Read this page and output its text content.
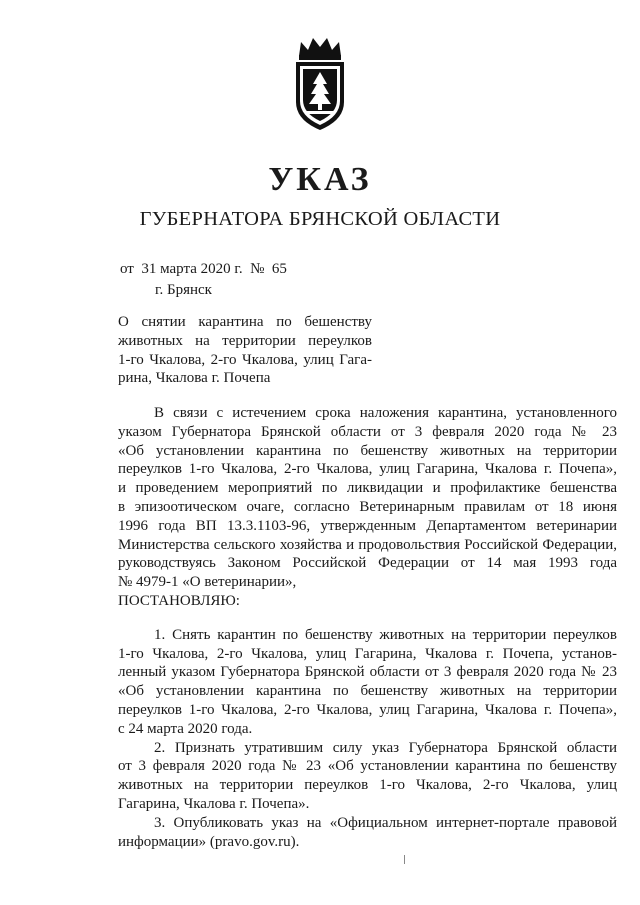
УКАЗ
ГУБЕРНАТОРА БРЯНСКОЙ ОБЛАСТИ
от 31 марта 2020 г. № 65
г. Брянск
О снятии карантина по бешенству
животных на территории переулков
1-го Чкалова, 2-го Чкалова, улиц Гага-
рина, Чкалова г. Почепа
В связи с истечением срока наложения карантина, установленного
указом Губернатора Брянской области от 3 февраля 2020 года № 23
«Об установлении карантина по бешенству животных на территории
переулков 1-го Чкалова, 2-го Чкалова, улиц Гагарина, Чкалова г. Почепа»,
и проведением мероприятий по ликвидации и профилактике бешенства
в эпизоотическом очаге, согласно Ветеринарным правилам от 18 июня
1996 года ВП 13.3.1103-96, утвержденным Департаментом ветеринарии
Министерства сельского хозяйства и продовольствия Российской Федерации,
руководствуясь Законом Российской Федерации от 14 мая 1993 года
№ 4979-1 «О ветеринарии»,
ПОСТАНОВЛЯЮ:
1. Снять карантин по бешенству животных на территории переулков
1-го Чкалова, 2-го Чкалова, улиц Гагарина, Чкалова г. Почепа, установ-
ленный указом Губернатора Брянской области от 3 февраля 2020 года № 23
«Об установлении карантина по бешенству животных на территории
переулков 1-го Чкалова, 2-го Чкалова, улиц Гагарина, Чкалова г. Почепа»,
с 24 марта 2020 года.
2. Признать утратившим силу указ Губернатора Брянской области
от 3 февраля 2020 года № 23 «Об установлении карантина по бешенству
животных на территории переулков 1-го Чкалова, 2-го Чкалова, улиц
Гагарина, Чкалова г. Почепа».
3. Опубликовать указ на «Официальном интернет-портале правовой
информации» (pravo.gov.ru).
